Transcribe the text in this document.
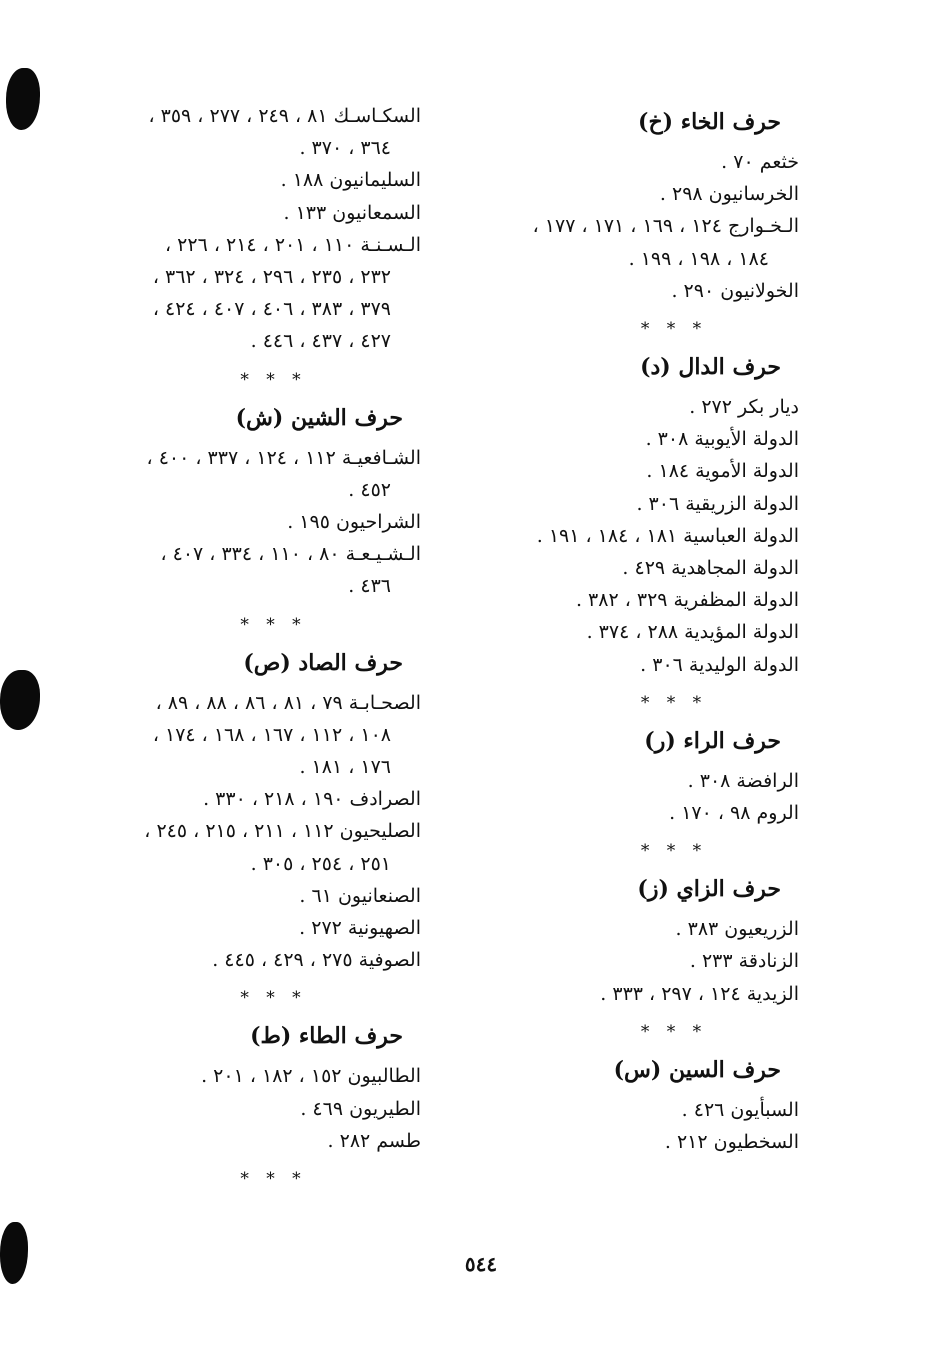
حرف الخاء (خ)
خثعم ٧٠ .
الخرسانيون ٢٩٨ .
الـخـوارج ١٢٤ ، ١٦٩ ، ١٧١ ، ١٧٧ ،
١٨٤ ، ١٩٨ ، ١٩٩ .
الخولانيون ٢٩٠ .
* * *
حرف الدال (د)
ديار بكر ٢٧٢ .
الدولة الأيوبية ٣٠٨ .
الدولة الأموية ١٨٤ .
الدولة الزريقية ٣٠٦ .
الدولة العباسية ١٨١ ، ١٨٤ ، ١٩١ .
الدولة المجاهدية ٤٢٩ .
الدولة المظفرية ٣٢٩ ، ٣٨٢ .
الدولة المؤيدية ٢٨٨ ، ٣٧٤ .
الدولة الوليدية ٣٠٦ .
* * *
حرف الراء (ر)
الرافضة ٣٠٨ .
الروم ٩٨ ، ١٧٠ .
* * *
حرف الزاي (ز)
الزريعيون ٣٨٣ .
الزنادقة ٢٣٣ .
الزيدية ١٢٤ ، ٢٩٧ ، ٣٣٣ .
* * *
حرف السين (س)
السبأيون ٤٢٦ .
السخطيون ٢١٢ .
السكـاسـك ٨١ ، ٢٤٩ ، ٢٧٧ ، ٣٥٩ ،
٣٦٤ ، ٣٧٠ .
السليمانيون ١٨٨ .
السمعانيون ١٣٣ .
الـسـنـة ١١٠ ، ٢٠١ ، ٢١٤ ، ٢٢٦ ،
٢٣٢ ، ٢٣٥ ، ٢٩٦ ، ٣٢٤ ، ٣٦٢ ،
٣٧٩ ، ٣٨٣ ، ٤٠٦ ، ٤٠٧ ، ٤٢٤ ،
٤٢٧ ، ٤٣٧ ، ٤٤٦ .
* * *
حرف الشين (ش)
الشـافعيـة ١١٢ ، ١٢٤ ، ٣٣٧ ، ٤٠٠ ،
٤٥٢ .
الشراحيون ١٩٥ .
الـشـيـعـة ٨٠ ، ١١٠ ، ٣٣٤ ، ٤٠٧ ،
٤٣٦ .
* * *
حرف الصاد (ص)
الصحـابـة ٧٩ ، ٨١ ، ٨٦ ، ٨٨ ، ٨٩ ،
١٠٨ ، ١١٢ ، ١٦٧ ، ١٦٨ ، ١٧٤ ،
١٧٦ ، ١٨١ .
الصرادف ١٩٠ ، ٢١٨ ، ٣٣٠ .
الصليحيون ١١٢ ، ٢١١ ، ٢١٥ ، ٢٤٥ ،
٢٥١ ، ٢٥٤ ، ٣٠٥ .
الصنعانيون ٦١ .
الصهيونية ٢٧٢ .
الصوفية ٢٧٥ ، ٤٢٩ ، ٤٤٥ .
* * *
حرف الطاء (ط)
الطالبيون ١٥٢ ، ١٨٢ ، ٢٠١ .
الطيريون ٤٦٩ .
طسم ٢٨٢ .
* * *
٥٤٤
